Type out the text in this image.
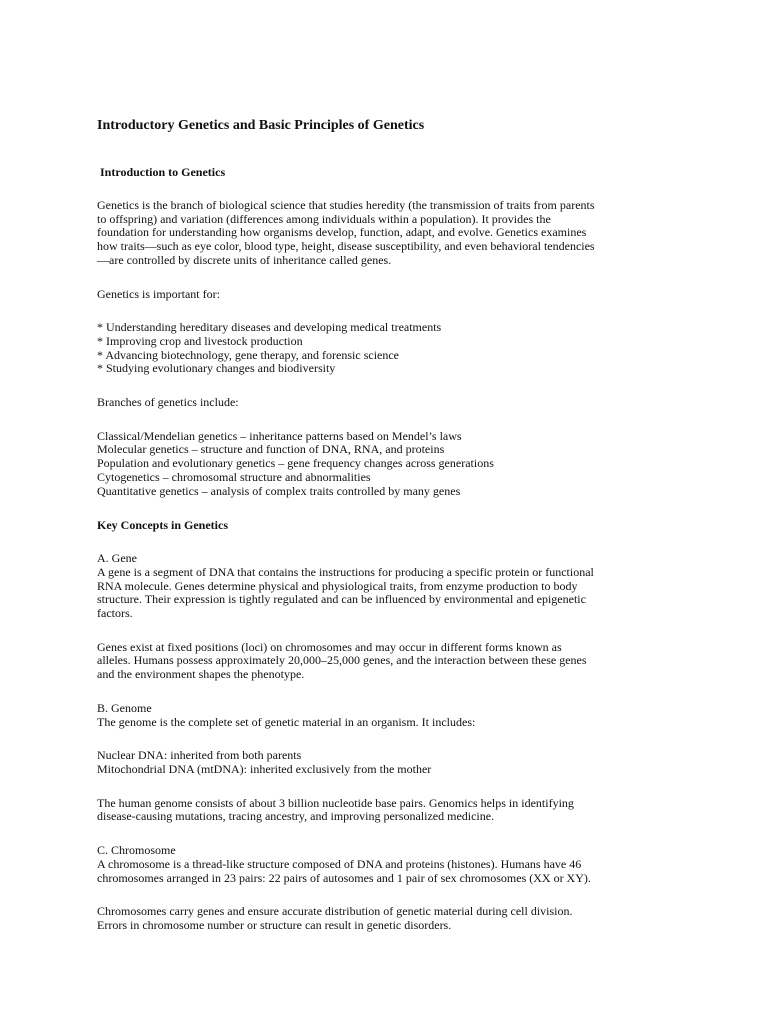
Introductory Genetics and Basic Principles of Genetics
Introduction to Genetics

Genetics is the branch of biological science that studies heredity (the transmission of traits from parents to offspring) and variation (differences among individuals within a population). It provides the foundation for understanding how organisms develop, function, adapt, and evolve. Genetics examines how traits—such as eye color, blood type, height, disease susceptibility, and even behavioral tendencies—are controlled by discrete units of inheritance called genes.

Genetics is important for:

* Understanding hereditary diseases and developing medical treatments
* Improving crop and livestock production
* Advancing biotechnology, gene therapy, and forensic science
* Studying evolutionary changes and biodiversity

Branches of genetics include:

Classical/Mendelian genetics – inheritance patterns based on Mendel’s laws
Molecular genetics – structure and function of DNA, RNA, and proteins
Population and evolutionary genetics – gene frequency changes across generations
Cytogenetics – chromosomal structure and abnormalities
Quantitative genetics – analysis of complex traits controlled by many genes
Key Concepts in Genetics

A. Gene

A gene is a segment of DNA that contains the instructions for producing a specific protein or functional RNA molecule. Genes determine physical and physiological traits, from enzyme production to body structure. Their expression is tightly regulated and can be influenced by environmental and epigenetic factors.

Genes exist at fixed positions (loci) on chromosomes and may occur in different forms known as alleles. Humans possess approximately 20,000–25,000 genes, and the interaction between these genes and the environment shapes the phenotype.

B. Genome

The genome is the complete set of genetic material in an organism. It includes:

Nuclear DNA: inherited from both parents
Mitochondrial DNA (mtDNA): inherited exclusively from the mother

The human genome consists of about 3 billion nucleotide base pairs. Genomics helps in identifying disease-causing mutations, tracing ancestry, and improving personalized medicine.

C. Chromosome

A chromosome is a thread-like structure composed of DNA and proteins (histones). Humans have 46 chromosomes arranged in 23 pairs: 22 pairs of autosomes and 1 pair of sex chromosomes (XX or XY).

Chromosomes carry genes and ensure accurate distribution of genetic material during cell division. Errors in chromosome number or structure can result in genetic disorders.
